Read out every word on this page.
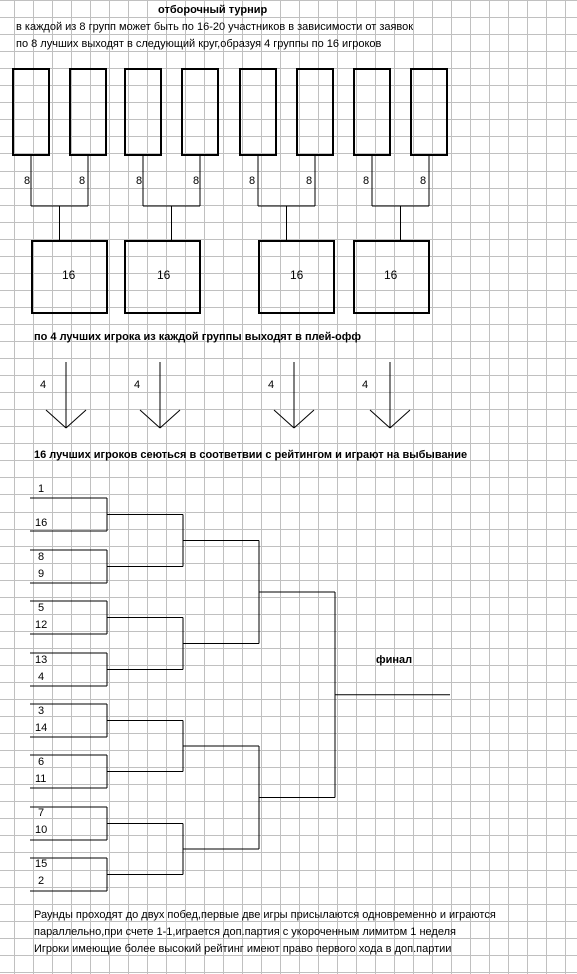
отборочный турнир
в каждой из 8 групп может быть по 16-20 участников в зависимости от заявок
по 8 лучших выходят в следующий круг,образуя 4 группы по 16 игроков
8	8	8	8	8	8	8	8
16	16	16	16
по 4 лучших игрока из каждой группы выходят в плей-офф
4	4	4	4
16 лучших игроков сеються в соответвии с рейтингом и играют на выбывание
1
16
8
9
5
12
13
4
3
14
6
11
7
10
15
2
финал
Раунды проходят до двух побед,первые две игры присылаются одновременно и играются
параллельно,при счете 1-1,играется доп.партия с укороченным лимитом 1 неделя
Игроки имеющие более высокий рейтинг имеют право первого хода в доп.партии
